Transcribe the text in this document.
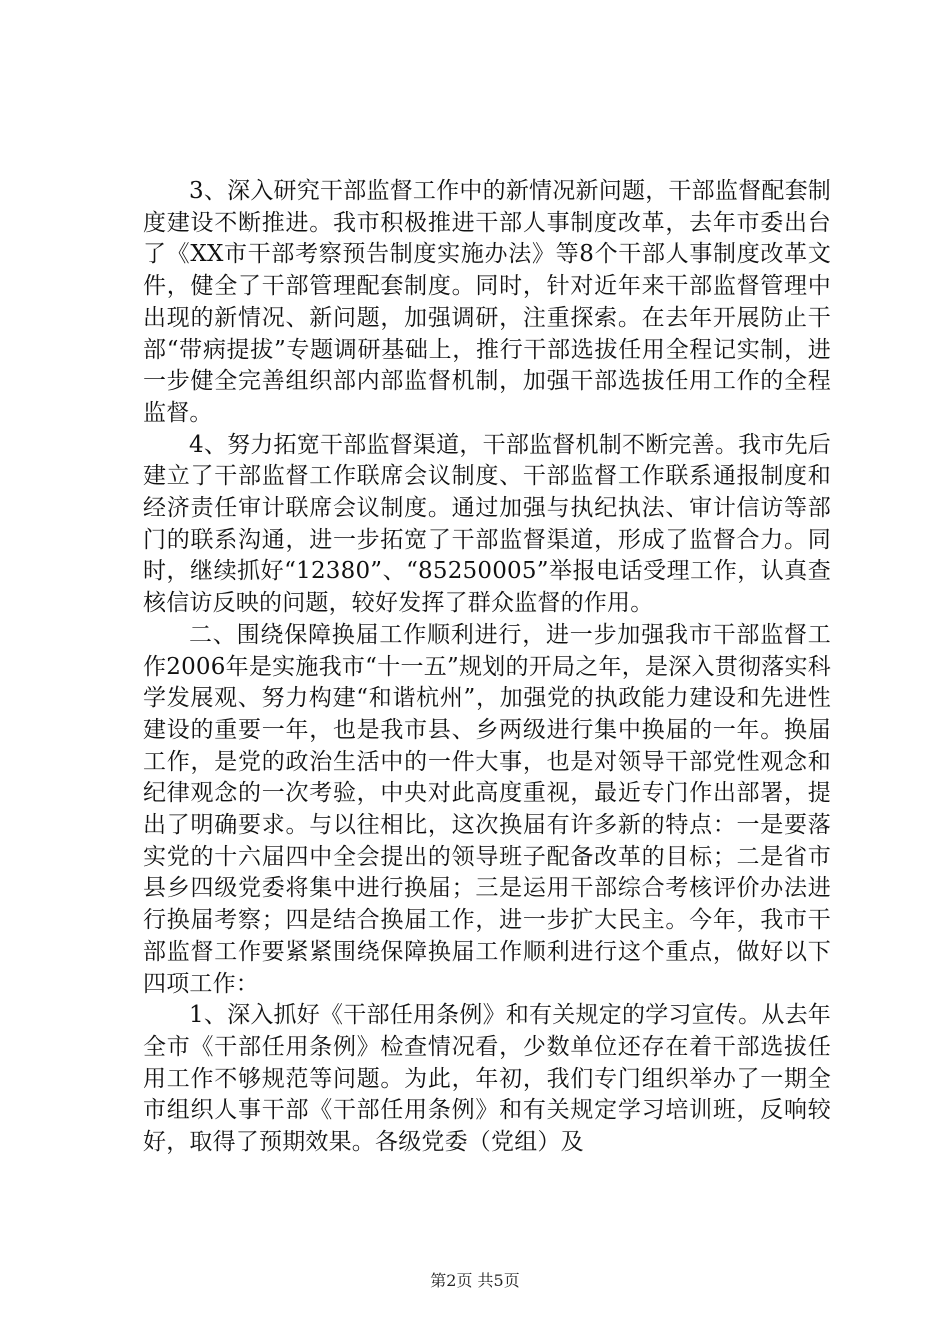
3、深入研究干部监督工作中的新情况新问题，干部监督配套制度建设不断推进。我市积极推进干部人事制度改革，去年市委出台了《XX市干部考察预告制度实施办法》等8个干部人事制度改革文件，健全了干部管理配套制度。同时，针对近年来干部监督管理中出现的新情况、新问题，加强调研，注重探索。在去年开展防止干部“带病提拔”专题调研基础上，推行干部选拔任用全程记实制，进一步健全完善组织部内部监督机制，加强干部选拔任用工作的全程监督。

4、努力拓宽干部监督渠道，干部监督机制不断完善。我市先后建立了干部监督工作联席会议制度、干部监督工作联系通报制度和经济责任审计联席会议制度。通过加强与执纪执法、审计信访等部门的联系沟通，进一步拓宽了干部监督渠道，形成了监督合力。同时，继续抓好“12380”、“85250005”举报电话受理工作，认真查核信访反映的问题，较好发挥了群众监督的作用。

二、围绕保障换届工作顺利进行，进一步加强我市干部监督工作2006年是实施我市“十一五”规划的开局之年，是深入贯彻落实科学发展观、努力构建“和谐杭州”，加强党的执政能力建设和先进性建设的重要一年，也是我市县、乡两级进行集中换届的一年。换届工作，是党的政治生活中的一件大事，也是对领导干部党性观念和纪律观念的一次考验，中央对此高度重视，最近专门作出部署，提出了明确要求。与以往相比，这次换届有许多新的特点：一是要落实党的十六届四中全会提出的领导班子配备改革的目标；二是省市县乡四级党委将集中进行换届；三是运用干部综合考核评价办法进行换届考察；四是结合换届工作，进一步扩大民主。今年，我市干部监督工作要紧紧围绕保障换届工作顺利进行这个重点，做好以下四项工作：

1、深入抓好《干部任用条例》和有关规定的学习宣传。从去年全市《干部任用条例》检查情况看，少数单位还存在着干部选拔任用工作不够规范等问题。为此，年初，我们专门组织举办了一期全市组织人事干部《干部任用条例》和有关规定学习培训班，反响较好，取得了预期效果。各级党委（党组）及

第2页 共5页
